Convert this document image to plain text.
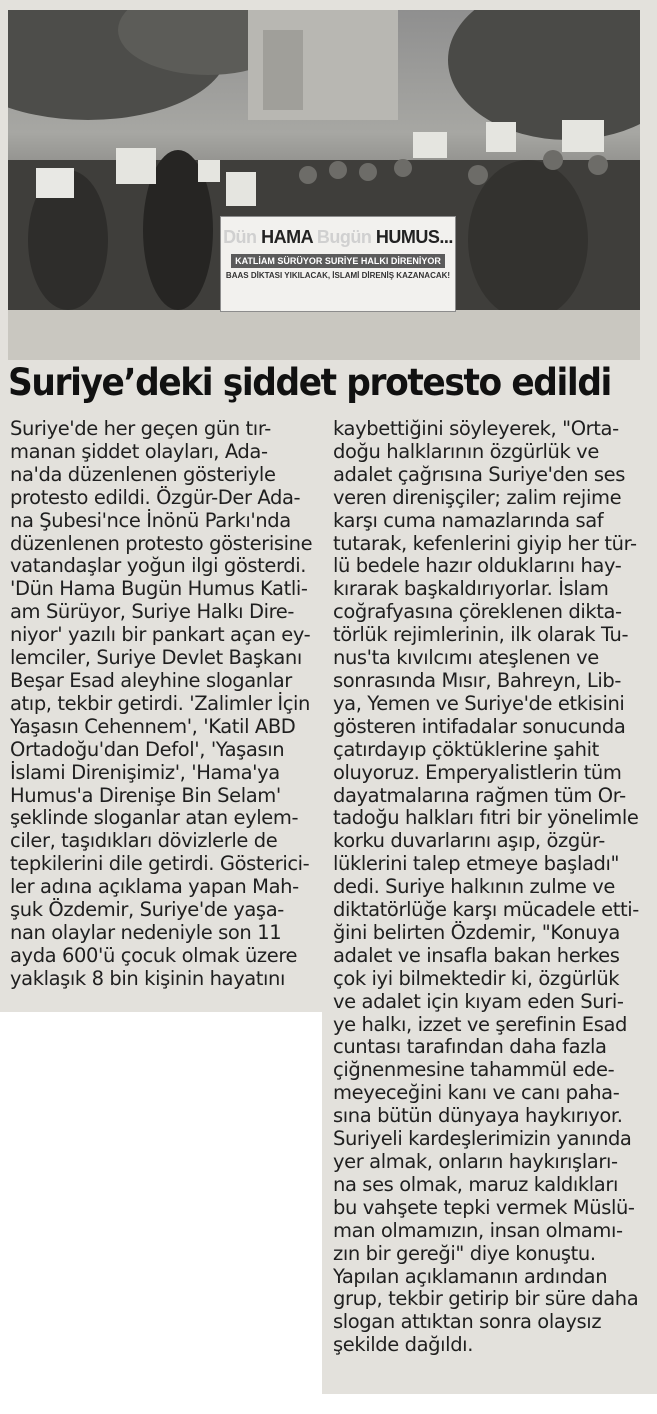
Dün HAMA Bugün HUMUS...
KATLİAM SÜRÜYOR SURİYE HALKI DİRENİYOR
BAAS DİKTASI YIKILACAK, İSLAMİ DİRENİŞ KAZANACAK!
Suriye’deki şiddet protesto edildi
Suriye'de her geçen gün tır-
manan şiddet olayları, Ada-
na'da düzenlenen gösteriyle
protesto edildi. Özgür-Der Ada-
na Şubesi'nce İnönü Parkı'nda
düzenlenen protesto gösterisine
vatandaşlar yoğun ilgi gösterdi.
'Dün Hama Bugün Humus Katli-
am Sürüyor, Suriye Halkı Dire-
niyor' yazılı bir pankart açan ey-
lemciler, Suriye Devlet Başkanı
Beşar Esad aleyhine sloganlar
atıp, tekbir getirdi. 'Zalimler İçin
Yaşasın Cehennem', 'Katil ABD
Ortadoğu'dan Defol', 'Yaşasın
İslami Direnişimiz', 'Hama'ya
Humus'a Direnişe Bin Selam'
şeklinde sloganlar atan eylem-
ciler, taşıdıkları dövizlerle de
tepkilerini dile getirdi. Gösterici-
ler adına açıklama yapan Mah-
şuk Özdemir, Suriye'de yaşa-
nan olaylar nedeniyle son 11
ayda 600'ü çocuk olmak üzere
yaklaşık 8 bin kişinin hayatını
kaybettiğini söyleyerek, "Orta-
doğu halklarının özgürlük ve
adalet çağrısına Suriye'den ses
veren direnişçiler; zalim rejime
karşı cuma namazlarında saf
tutarak, kefenlerini giyip her tür-
lü bedele hazır olduklarını hay-
kırarak başkaldırıyorlar. İslam
coğrafyasına çöreklenen dikta-
törlük rejimlerinin, ilk olarak Tu-
nus'ta kıvılcımı ateşlenen ve
sonrasında Mısır, Bahreyn, Lib-
ya, Yemen ve Suriye'de etkisini
gösteren intifadalar sonucunda
çatırdayıp çöktüklerine şahit
oluyoruz. Emperyalistlerin tüm
dayatmalarına rağmen tüm Or-
tadoğu halkları fıtri bir yönelimle
korku duvarlarını aşıp, özgür-
lüklerini talep etmeye başladı"
dedi. Suriye halkının zulme ve
diktatörlüğe karşı mücadele etti-
ğini belirten Özdemir, "Konuya
adalet ve insafla bakan herkes
çok iyi bilmektedir ki, özgürlük
ve adalet için kıyam eden Suri-
ye halkı, izzet ve şerefinin Esad
cuntası tarafından daha fazla
çiğnenmesine tahammül ede-
meyeceğini kanı ve canı paha-
sına bütün dünyaya haykırıyor.
Suriyeli kardeşlerimizin yanında
yer almak, onların haykırışları-
na ses olmak, maruz kaldıkları
bu vahşete tepki vermek Müslü-
man olmamızın, insan olmamı-
zın bir gereği" diye konuştu.
Yapılan açıklamanın ardından
grup, tekbir getirip bir süre daha
slogan attıktan sonra olaysız
şekilde dağıldı.
